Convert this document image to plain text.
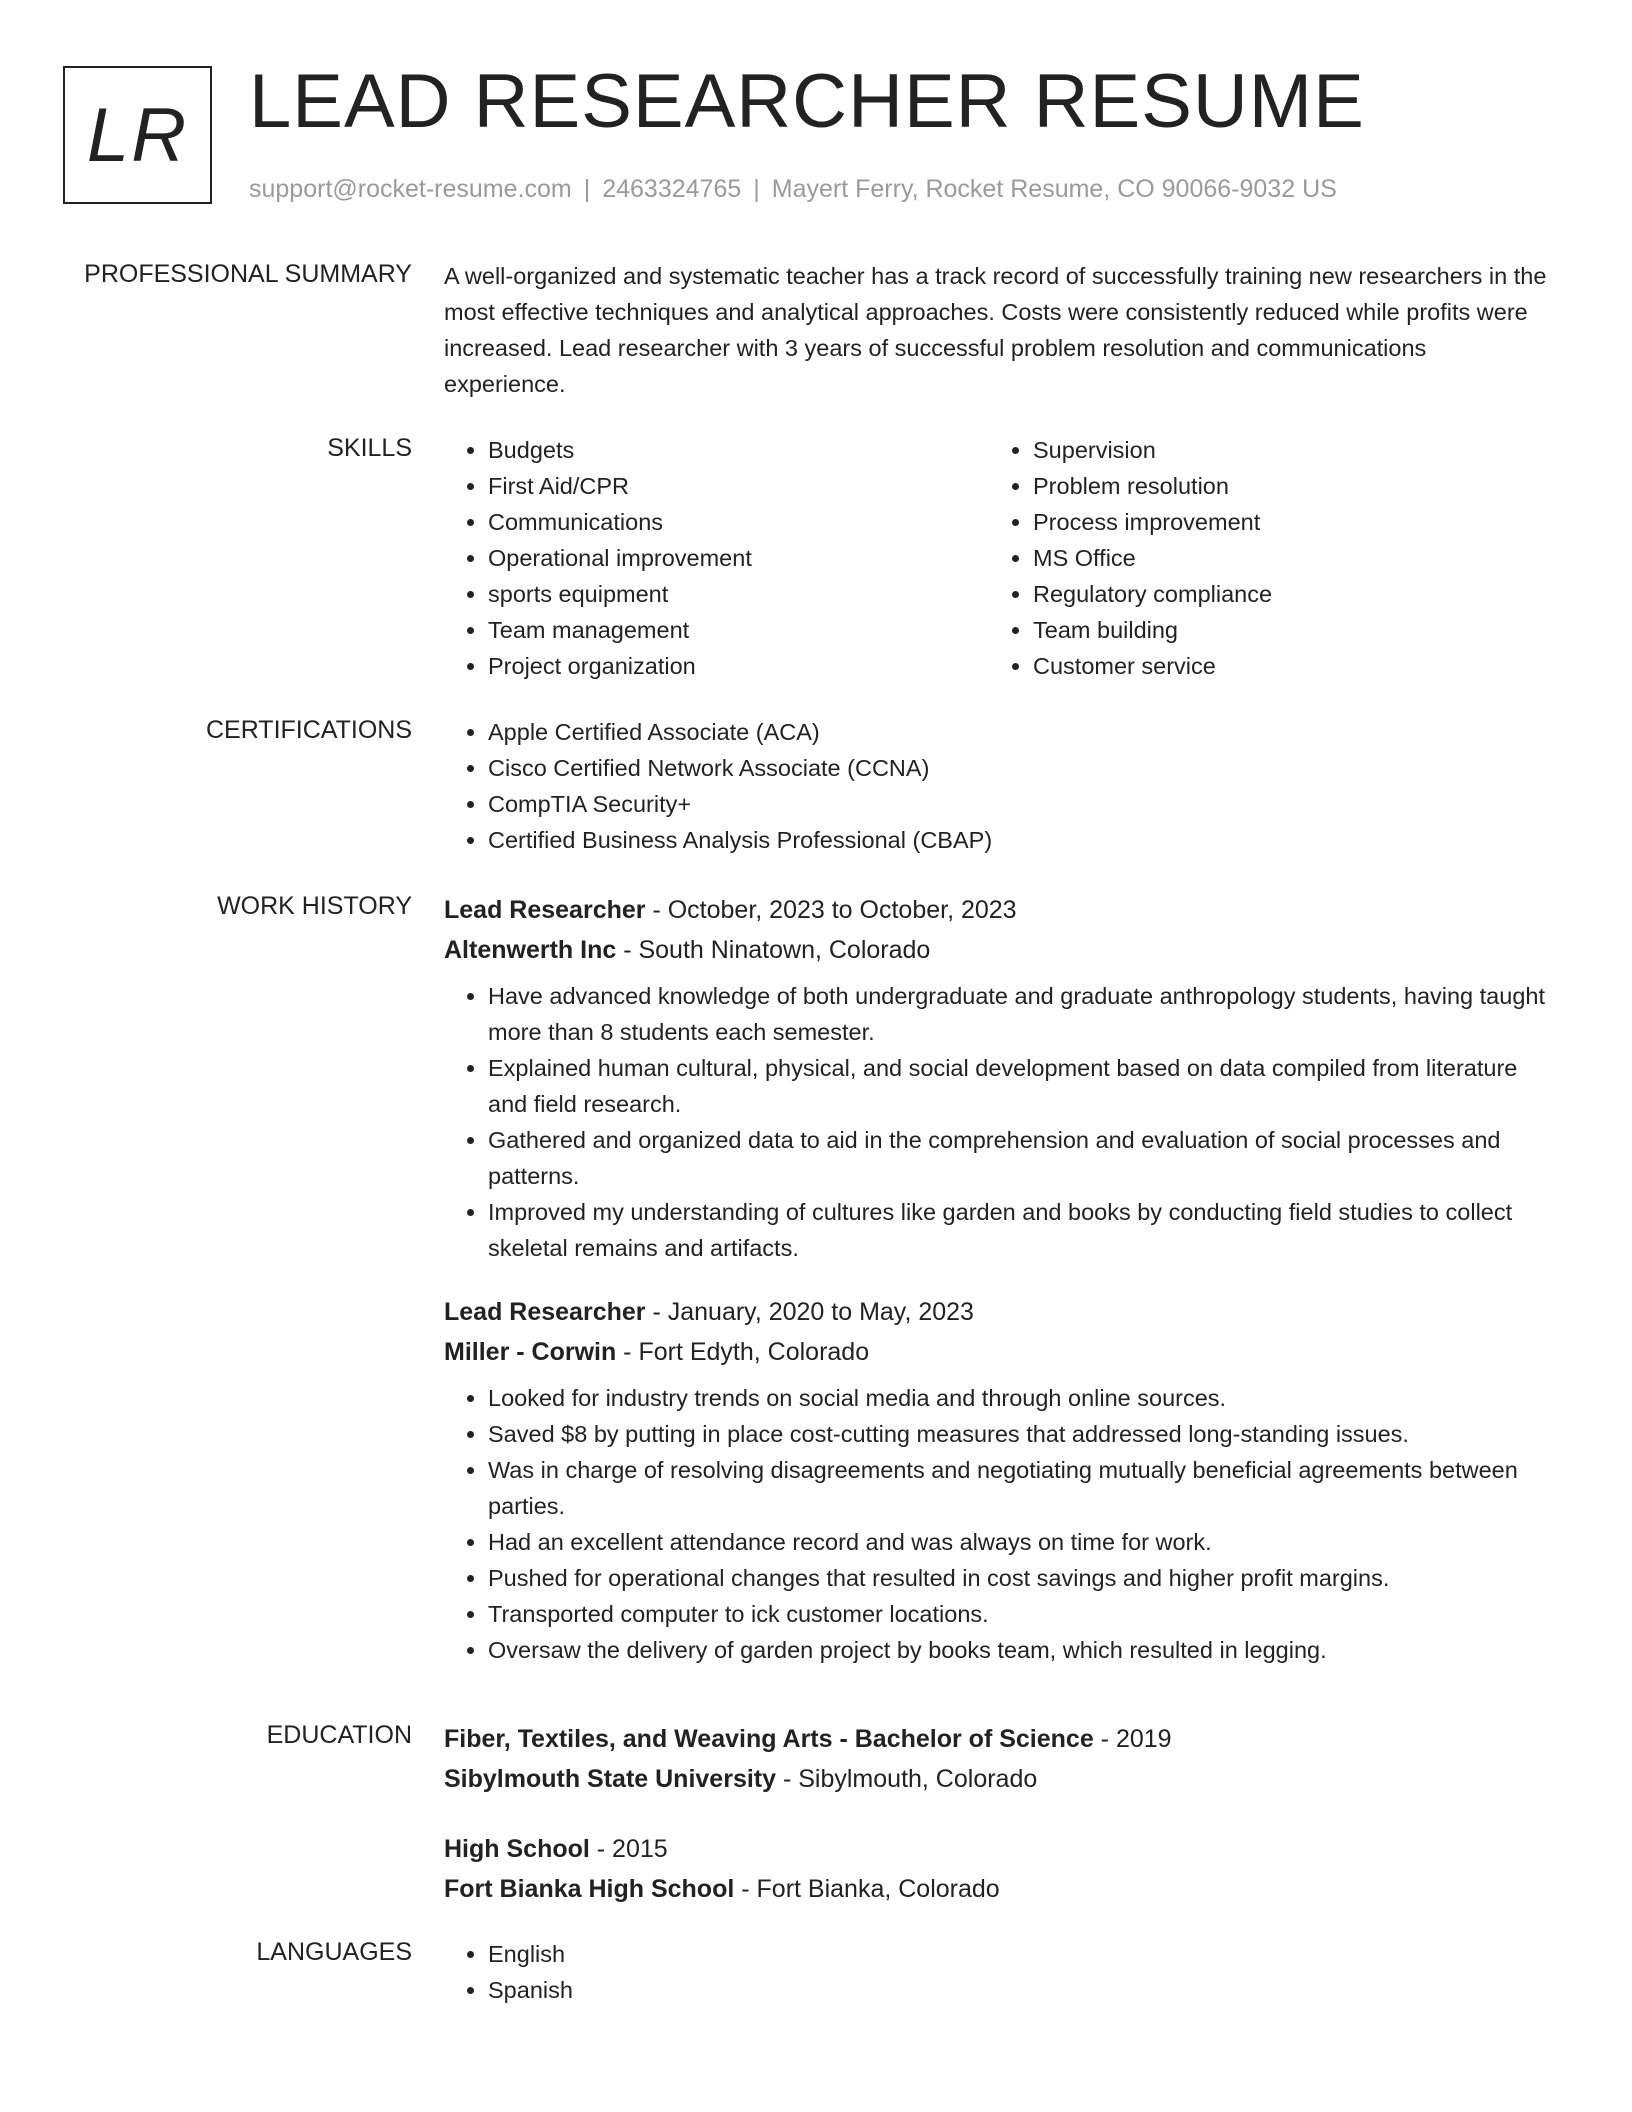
LR LEAD RESEARCHER RESUME
support@rocket-resume.com | 2463324765 | Mayert Ferry, Rocket Resume, CO 90066-9032 US
PROFESSIONAL SUMMARY A well-organized and systematic teacher has a track record of successfully training new researchers in the most effective techniques and analytical approaches. Costs were consistently reduced while profits were increased. Lead researcher with 3 years of successful problem resolution and communications experience.
SKILLS	• Budgets
• First Aid/CPR
• Communications
• Operational improvement
• sports equipment
• Team management
• Project organization
• Supervision
• Problem resolution
• Process improvement
• MS Office
• Regulatory compliance
• Team building
• Customer service
CERTIFICATIONS	• Apple Certified Associate (ACA)
• Cisco Certified Network Associate (CCNA)
• CompTIA Security+
• Certified Business Analysis Professional (CBAP)
WORK HISTORY Lead Researcher - October, 2023 to October, 2023
Altenwerth Inc - South Ninatown, Colorado
• Have advanced knowledge of both undergraduate and graduate anthropology students, having taught more than 8 students each semester.
• Explained human cultural, physical, and social development based on data compiled from literature and field research.
• Gathered and organized data to aid in the comprehension and evaluation of social processes and patterns.
• Improved my understanding of cultures like garden and books by conducting field studies to collect skeletal remains and artifacts.
Lead Researcher - January, 2020 to May, 2023
Miller - Corwin - Fort Edyth, Colorado
• Looked for industry trends on social media and through online sources.
• Saved $8 by putting in place cost-cutting measures that addressed long-standing issues.
• Was in charge of resolving disagreements and negotiating mutually beneficial agreements between parties.
• Had an excellent attendance record and was always on time for work.
• Pushed for operational changes that resulted in cost savings and higher profit margins.
• Transported computer to ick customer locations.
• Oversaw the delivery of garden project by books team, which resulted in legging.
EDUCATION Fiber, Textiles, and Weaving Arts - Bachelor of Science - 2019
Sibylmouth State University - Sibylmouth, Colorado
High School - 2015
Fort Bianka High School - Fort Bianka, Colorado
LANGUAGES	• English
• Spanish
